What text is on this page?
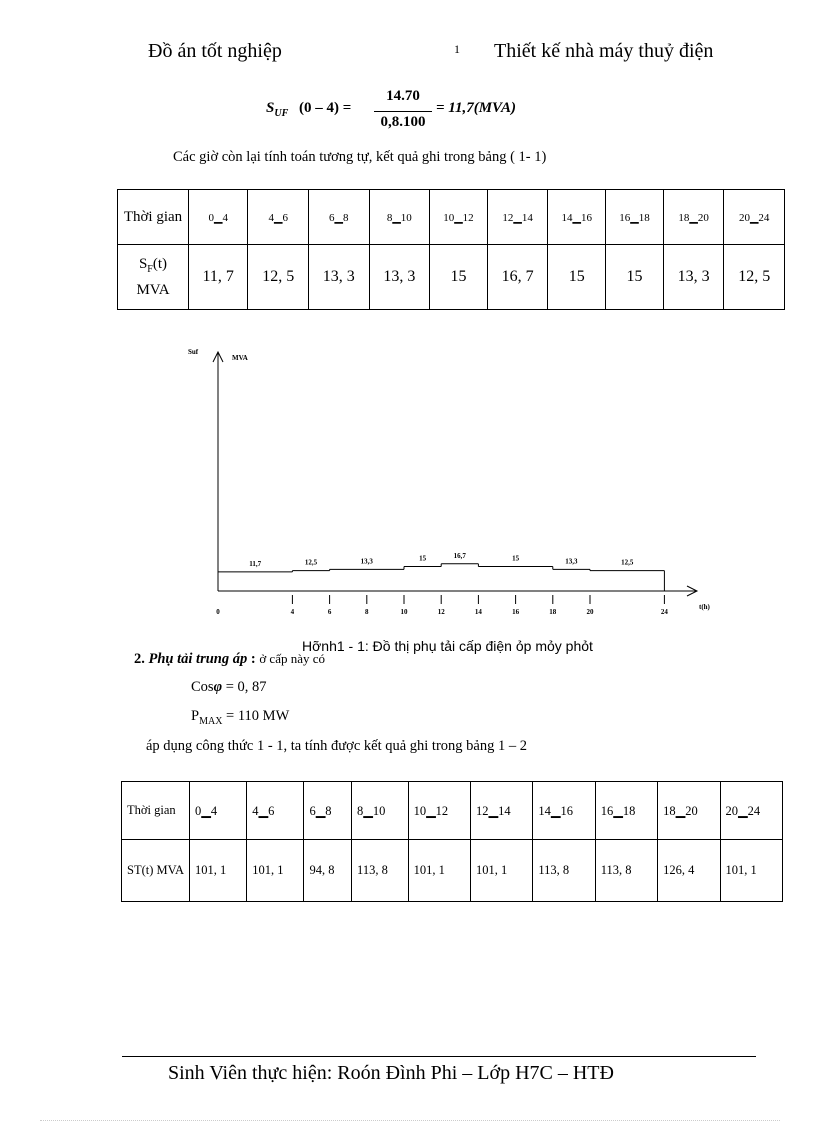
Đồ án tốt nghiệp	1 Thiết kế nhà máy thuỷ điện
$S_{UF}$ (0 – 4) =
14.70
0,8.100
= 11,7(MVA)
Các giờ còn lại tính toán tương tự, kết quả ghi trong bảng ( 1- 1)
Thời gian	0▁4	4▁6	6▁8	8▁10	10▁12	12▁14	14▁16	16▁18	18▁20	20▁24
$S_F(t)$
MVA	11, 7	12, 5	13, 3	13, 3	15	16, 7	15	15	13, 3	12, 5
11,7	12,5	13,3	15	16,7	15	13,3	12,5
0	4	6	8	10	12	14	16	18	20	24
Suf
MVA
t(h)
Hỡnh1 - 1: Đồ thị phụ tải cấp điện ỏp mỏy phỏt
2. Phụ tải trung áp : ở cấp này có
Cosφ = 0, 87
$P_{MAX} = 110$ MW
áp dụng công thức 1 - 1, ta tính được kết quả ghi trong bảng 1 – 2
Thời gian	0▁4	4▁6	6▁8	8▁10	10▁12	12▁14	14▁16	16▁18	18▁20	20▁24
ST(t) MVA	101, 1	101, 1	94, 8	113, 8	101, 1	101, 1	113, 8	113, 8	126, 4	101, 1
Sinh Viên thực hiện: Roón Đình Phi – Lớp H7C – HTĐ
